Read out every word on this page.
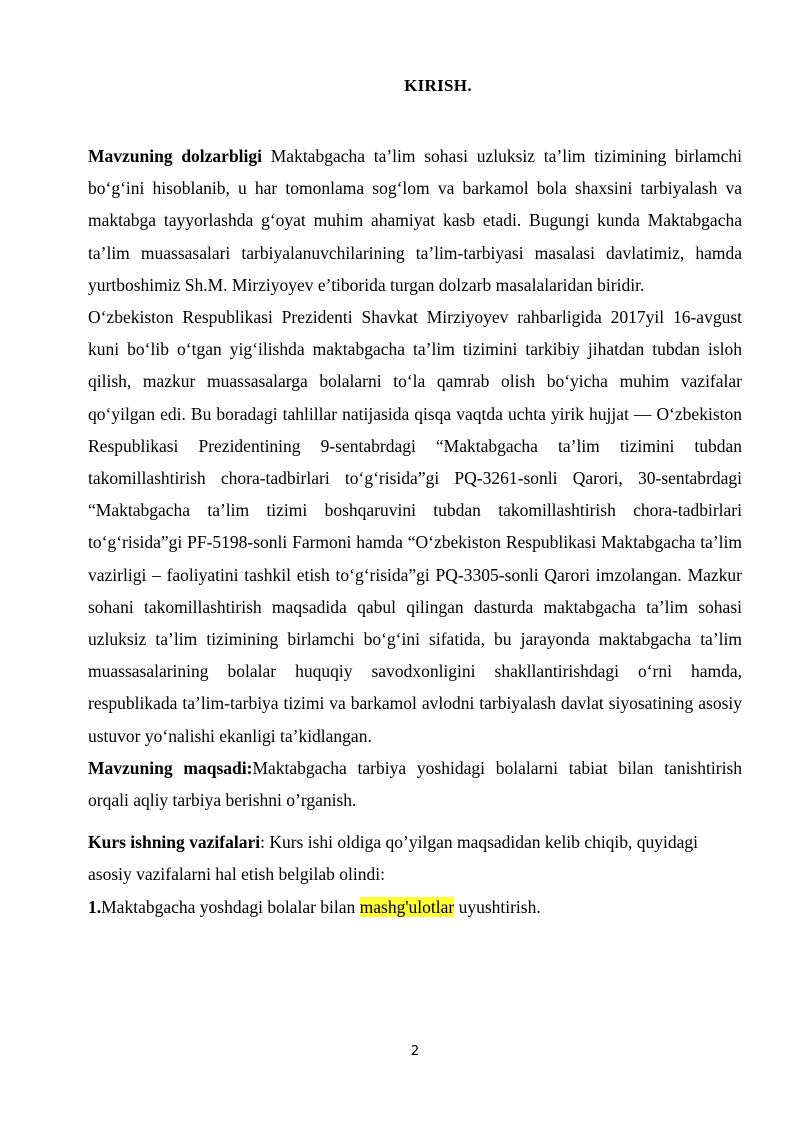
KIRISH.

Mavzuning dolzarbligi Maktabgacha ta’lim sohasi uzluksiz ta’lim tizimining birlamchi bo‘g‘ini hisoblanib, u har tomonlama sog‘lom va barkamol bola shaxsini tarbiyalash va maktabga tayyorlashda g‘oyat muhim ahamiyat kasb etadi. Bugungi kunda Maktabgacha ta’lim muassasalari tarbiyalanuvchilarining ta’lim-tarbiyasi masalasi davlatimiz, hamda yurtboshimiz Sh.M. Mirziyoyev e’tiborida turgan dolzarb masalalaridan biridir.

O‘zbekiston Respublikasi Prezidenti Shavkat Mirziyoyev rahbarligida 2017yil 16-avgust kuni bo‘lib o‘tgan yig‘ilishda maktabgacha ta’lim tizimini tarkibiy jihatdan tubdan isloh qilish, mazkur muassasalarga bolalarni to‘la qamrab olish bo‘yicha muhim vazifalar qo‘yilgan edi. Bu boradagi tahlillar natijasida qisqa vaqtda uchta yirik hujjat — O‘zbekiston Respublikasi Prezidentining 9-sentabrdagi “Maktabgacha ta’lim tizimini tubdan takomillashtirish chora-tadbirlari to‘g‘risida”gi PQ-3261-sonli Qarori, 30-sentabrdagi “Maktabgacha ta’lim tizimi boshqaruvini tubdan takomillashtirish chora-tadbirlari to‘g‘risida”gi PF-5198-sonli Farmoni hamda “O‘zbekiston Respublikasi Maktabgacha ta’lim vazirligi – faoliyatini tashkil etish to‘g‘risida”gi PQ-3305-sonli Qarori imzolangan. Mazkur sohani takomillashtirish maqsadida qabul qilingan dasturda maktabgacha ta’lim sohasi uzluksiz ta’lim tizimining birlamchi bo‘g‘ini sifatida, bu jarayonda maktabgacha ta’lim muassasalarining bolalar huquqiy savodxonligini shakllantirishdagi o‘rni hamda, respublikada ta’lim-tarbiya tizimi va barkamol avlodni tarbiyalash davlat siyosatining asosiy ustuvor yo‘nalishi ekanligi ta’kidlangan.

Mavzuning maqsadi:Maktabgacha tarbiya yoshidagi bolalarni tabiat bilan tanishtirish orqali aqliy tarbiya berishni o’rganish.

Kurs ishning vazifalari: Kurs ishi oldiga qo’yilgan maqsadidan kelib chiqib, quyidagi asosiy vazifalarni hal etish belgilab olindi:

1.Maktabgacha yoshdagi bolalar bilan mashg'ulotlar uyushtirish.

2
